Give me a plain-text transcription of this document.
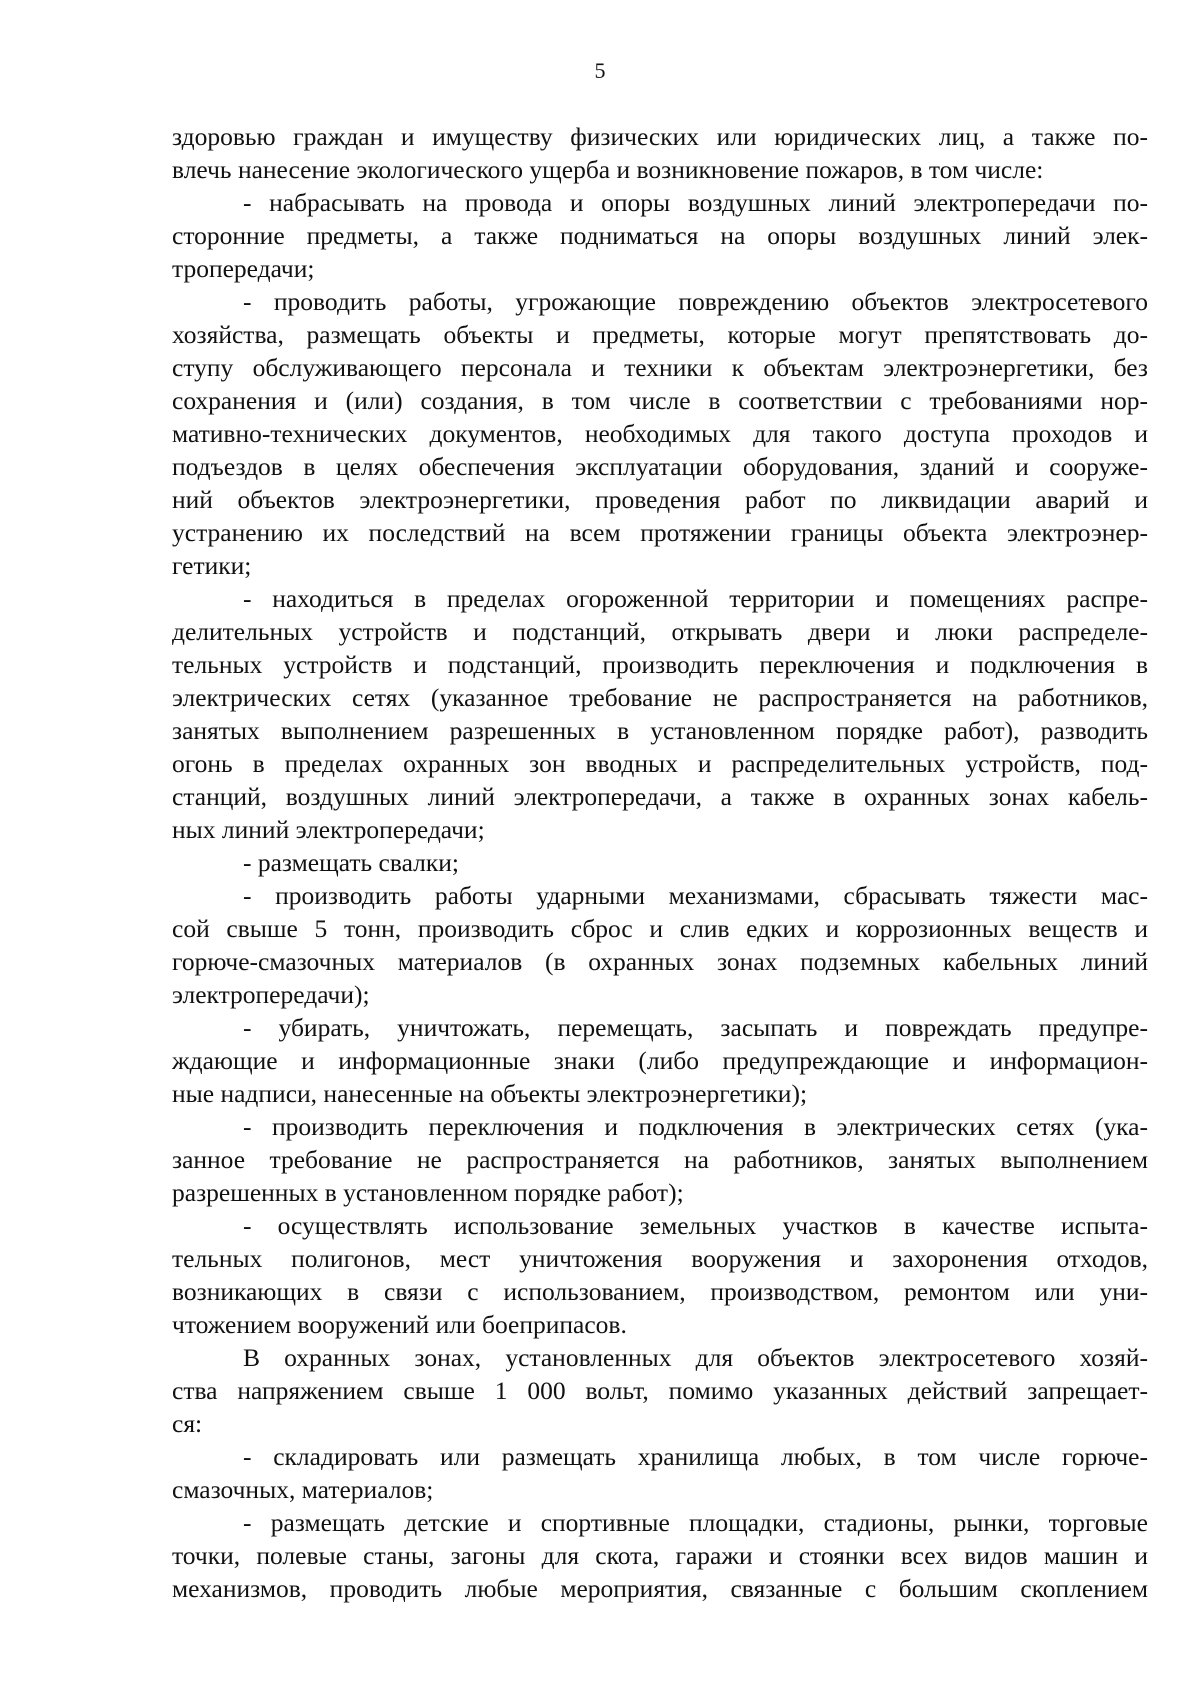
5
здоровью граждан и имуществу физических или юридических лиц, а также по-
влечь нанесение экологического ущерба и возникновение пожаров, в том числе:
- набрасывать на провода и опоры воздушных линий электропередачи по-
сторонние предметы, а также подниматься на опоры воздушных линий элек-
тропередачи;
- проводить работы, угрожающие повреждению объектов электросетевого
хозяйства, размещать объекты и предметы, которые могут препятствовать до-
ступу обслуживающего персонала и техники к объектам электроэнергетики, без
сохранения и (или) создания, в том числе в соответствии с требованиями нор-
мативно-технических документов, необходимых для такого доступа проходов и
подъездов в целях обеспечения эксплуатации оборудования, зданий и сооруже-
ний объектов электроэнергетики, проведения работ по ликвидации аварий и
устранению их последствий на всем протяжении границы объекта электроэнер-
гетики;
- находиться в пределах огороженной территории и помещениях распре-
делительных устройств и подстанций, открывать двери и люки распределе-
тельных устройств и подстанций, производить переключения и подключения в
электрических сетях (указанное требование не распространяется на работников,
занятых выполнением разрешенных в установленном порядке работ), разводить
огонь в пределах охранных зон вводных и распределительных устройств, под-
станций, воздушных линий электропередачи, а также в охранных зонах кабель-
ных линий электропередачи;
- размещать свалки;
- производить работы ударными механизмами, сбрасывать тяжести мас-
сой свыше 5 тонн, производить сброс и слив едких и коррозионных веществ и
горюче-смазочных материалов (в охранных зонах подземных кабельных линий
электропередачи);
- убирать, уничтожать, перемещать, засыпать и повреждать предупре-
ждающие и информационные знаки (либо предупреждающие и информацион-
ные надписи, нанесенные на объекты электроэнергетики);
- производить переключения и подключения в электрических сетях (ука-
занное требование не распространяется на работников, занятых выполнением
разрешенных в установленном порядке работ);
- осуществлять использование земельных участков в качестве испыта-
тельных полигонов, мест уничтожения вооружения и захоронения отходов,
возникающих в связи с использованием, производством, ремонтом или уни-
чтожением вооружений или боеприпасов.
В охранных зонах, установленных для объектов электросетевого хозяй-
ства напряжением свыше 1 000 вольт, помимо указанных действий запрещает-
ся:
- складировать или размещать хранилища любых, в том числе горюче-
смазочных, материалов;
- размещать детские и спортивные площадки, стадионы, рынки, торговые
точки, полевые станы, загоны для скота, гаражи и стоянки всех видов машин и
механизмов, проводить любые мероприятия, связанные с большим скоплением
